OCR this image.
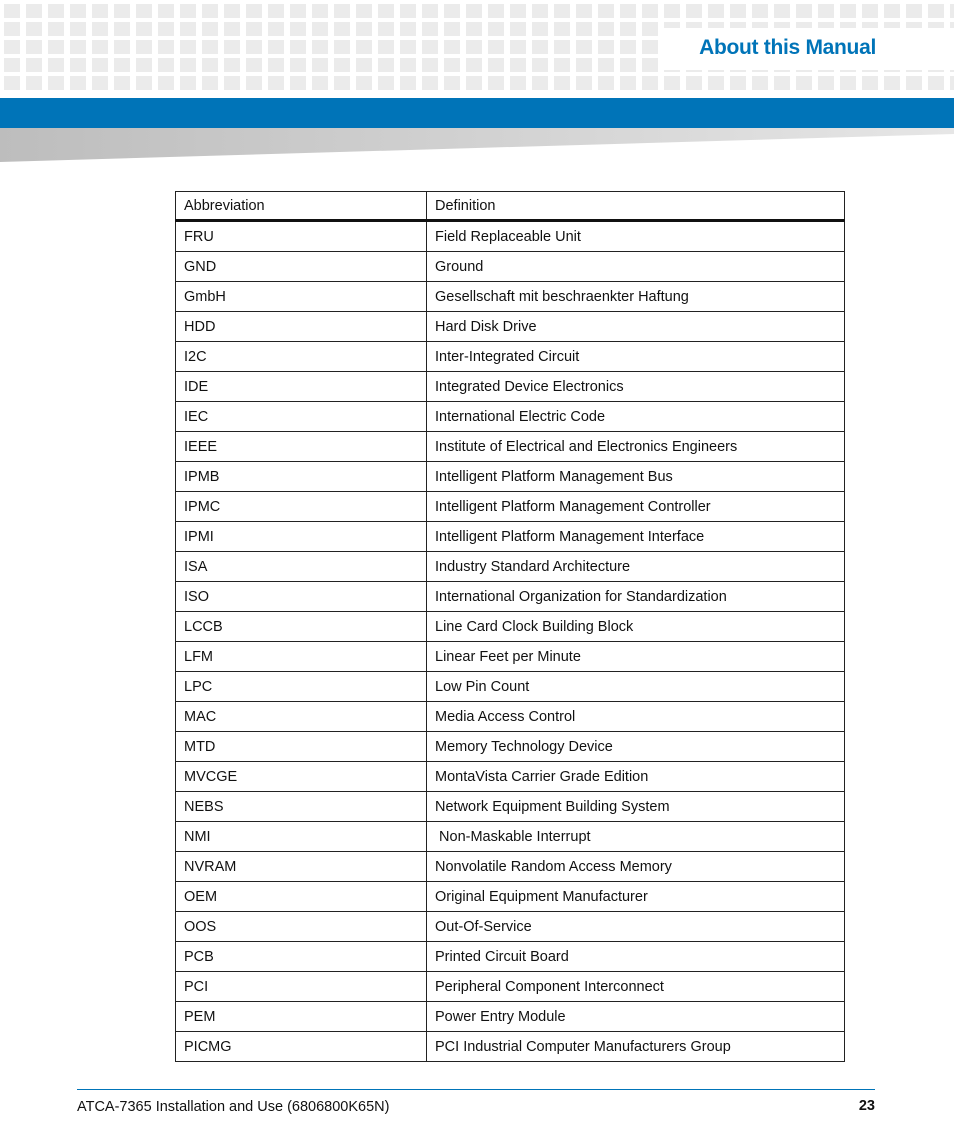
About this Manual
Abbreviation	Definition
FRU	Field Replaceable Unit
GND	Ground
GmbH	Gesellschaft mit beschraenkter Haftung
HDD	Hard Disk Drive
I2C	Inter-Integrated Circuit
IDE	Integrated Device Electronics
IEC	International Electric Code
IEEE	Institute of Electrical and Electronics Engineers
IPMB	Intelligent Platform Management Bus
IPMC	Intelligent Platform Management Controller
IPMI	Intelligent Platform Management Interface
ISA	Industry Standard Architecture
ISO	International Organization for Standardization
LCCB	Line Card Clock Building Block
LFM	Linear Feet per Minute
LPC	Low Pin Count
MAC	Media Access Control
MTD	Memory Technology Device
MVCGE	MontaVista Carrier Grade Edition
NEBS	Network Equipment Building System
NMI	Non-Maskable Interrupt
NVRAM	Nonvolatile Random Access Memory
OEM	Original Equipment Manufacturer
OOS	Out-Of-Service
PCB	Printed Circuit Board
PCI	Peripheral Component Interconnect
PEM	Power Entry Module
PICMG	PCI Industrial Computer Manufacturers Group
ATCA-7365 Installation and Use (6806800K65N)	23
